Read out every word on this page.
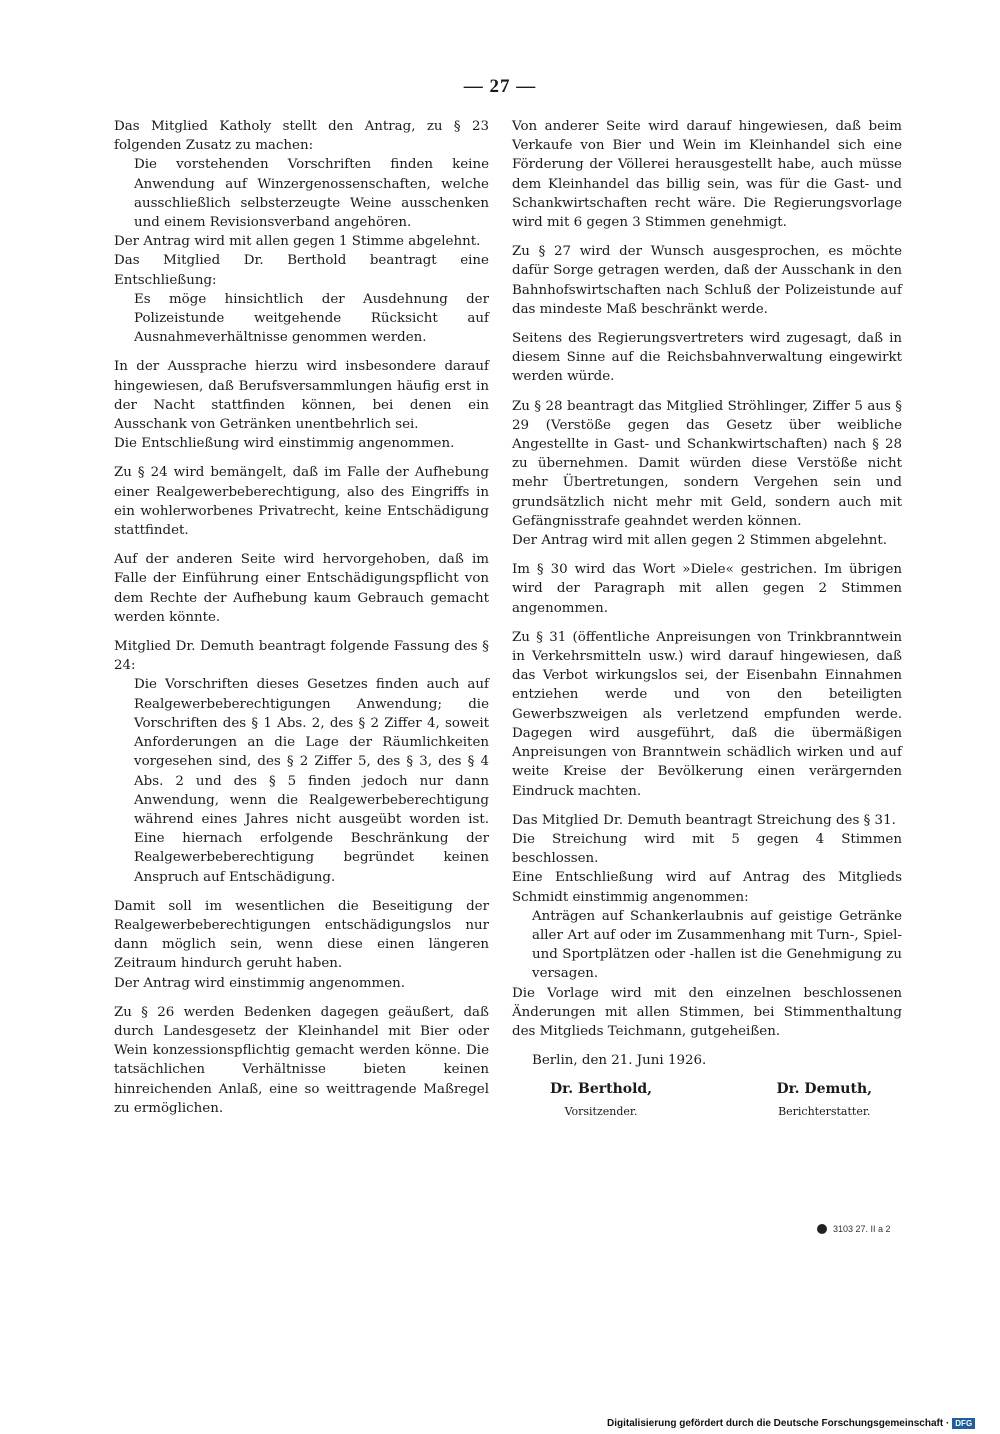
— 27 —

Das Mitglied Katholy stellt den Antrag, zu § 23 folgenden Zusatz zu machen:

Die vorstehenden Vorschriften finden keine Anwendung auf Winzergenossenschaften, welche ausschließlich selbsterzeugte Weine ausschenken und einem Revisionsverband angehören.

Der Antrag wird mit allen gegen 1 Stimme abgelehnt.

Das Mitglied Dr. Berthold beantragt eine Entschließung:

Es möge hinsichtlich der Ausdehnung der Polizeistunde weitgehende Rücksicht auf Ausnahmeverhältnisse genommen werden.

In der Aussprache hierzu wird insbesondere darauf hingewiesen, daß Berufsversammlungen häufig erst in der Nacht stattfinden können, bei denen ein Ausschank von Getränken unentbehrlich sei.

Die Entschließung wird einstimmig angenommen.

Zu § 24 wird bemängelt, daß im Falle der Aufhebung einer Realgewerbeberechtigung, also des Eingriffs in ein wohlerworbenes Privatrecht, keine Entschädigung stattfindet.

Auf der anderen Seite wird hervorgehoben, daß im Falle der Einführung einer Entschädigungspflicht von dem Rechte der Aufhebung kaum Gebrauch gemacht werden könnte.

Mitglied Dr. Demuth beantragt folgende Fassung des § 24:

Die Vorschriften dieses Gesetzes finden auch auf Realgewerbeberechtigungen Anwendung; die Vorschriften des § 1 Abs. 2, des § 2 Ziffer 4, soweit Anforderungen an die Lage der Räumlichkeiten vorgesehen sind, des § 2 Ziffer 5, des § 3, des § 4 Abs. 2 und des § 5 finden jedoch nur dann Anwendung, wenn die Realgewerbeberechtigung während eines Jahres nicht ausgeübt worden ist. Eine hiernach erfolgende Beschränkung der Realgewerbeberechtigung begründet keinen Anspruch auf Entschädigung.

Damit soll im wesentlichen die Beseitigung der Realgewerbeberechtigungen entschädigungslos nur dann möglich sein, wenn diese einen längeren Zeitraum hindurch geruht haben.

Der Antrag wird einstimmig angenommen.

Zu § 26 werden Bedenken dagegen geäußert, daß durch Landesgesetz der Kleinhandel mit Bier oder Wein konzessionspflichtig gemacht werden könne. Die tatsächlichen Verhältnisse bieten keinen hinreichenden Anlaß, eine so weittragende Maßregel zu ermöglichen.

Von anderer Seite wird darauf hingewiesen, daß beim Verkaufe von Bier und Wein im Kleinhandel sich eine Förderung der Völlerei herausgestellt habe, auch müsse dem Kleinhandel das billig sein, was für die Gast- und Schankwirtschaften recht wäre. Die Regierungsvorlage wird mit 6 gegen 3 Stimmen genehmigt.

Zu § 27 wird der Wunsch ausgesprochen, es möchte dafür Sorge getragen werden, daß der Ausschank in den Bahnhofswirtschaften nach Schluß der Polizeistunde auf das mindeste Maß beschränkt werde.

Seitens des Regierungsvertreters wird zugesagt, daß in diesem Sinne auf die Reichsbahnverwaltung eingewirkt werden würde.

Zu § 28 beantragt das Mitglied Ströhlinger, Ziffer 5 aus § 29 (Verstöße gegen das Gesetz über weibliche Angestellte in Gast- und Schankwirtschaften) nach § 28 zu übernehmen. Damit würden diese Verstöße nicht mehr Übertretungen, sondern Vergehen sein und grundsätzlich nicht mehr mit Geld, sondern auch mit Gefängnisstrafe geahndet werden können.

Der Antrag wird mit allen gegen 2 Stimmen abgelehnt.

Im § 30 wird das Wort »Diele« gestrichen. Im übrigen wird der Paragraph mit allen gegen 2 Stimmen angenommen.

Zu § 31 (öffentliche Anpreisungen von Trinkbranntwein in Verkehrsmitteln usw.) wird darauf hingewiesen, daß das Verbot wirkungslos sei, der Eisenbahn Einnahmen entziehen werde und von den beteiligten Gewerbszweigen als verletzend empfunden werde. Dagegen wird ausgeführt, daß die übermäßigen Anpreisungen von Branntwein schädlich wirken und auf weite Kreise der Bevölkerung einen verärgernden Eindruck machten.

Das Mitglied Dr. Demuth beantragt Streichung des § 31.

Die Streichung wird mit 5 gegen 4 Stimmen beschlossen.

Eine Entschließung wird auf Antrag des Mitglieds Schmidt einstimmig angenommen:

Anträgen auf Schankerlaubnis auf geistige Getränke aller Art auf oder im Zusammenhang mit Turn-, Spiel- und Sportplätzen oder -hallen ist die Genehmigung zu versagen.

Die Vorlage wird mit den einzelnen beschlossenen Änderungen mit allen Stimmen, bei Stimmenthaltung des Mitglieds Teichmann, gutgeheißen.

Berlin, den 21. Juni 1926.

Dr. Berthold,
Vorsitzender.
Dr. Demuth,
Berichterstatter.
3103 27. II a 2
Digitalisierung gefördert durch die Deutsche Forschungsgemeinschaft · DFG
